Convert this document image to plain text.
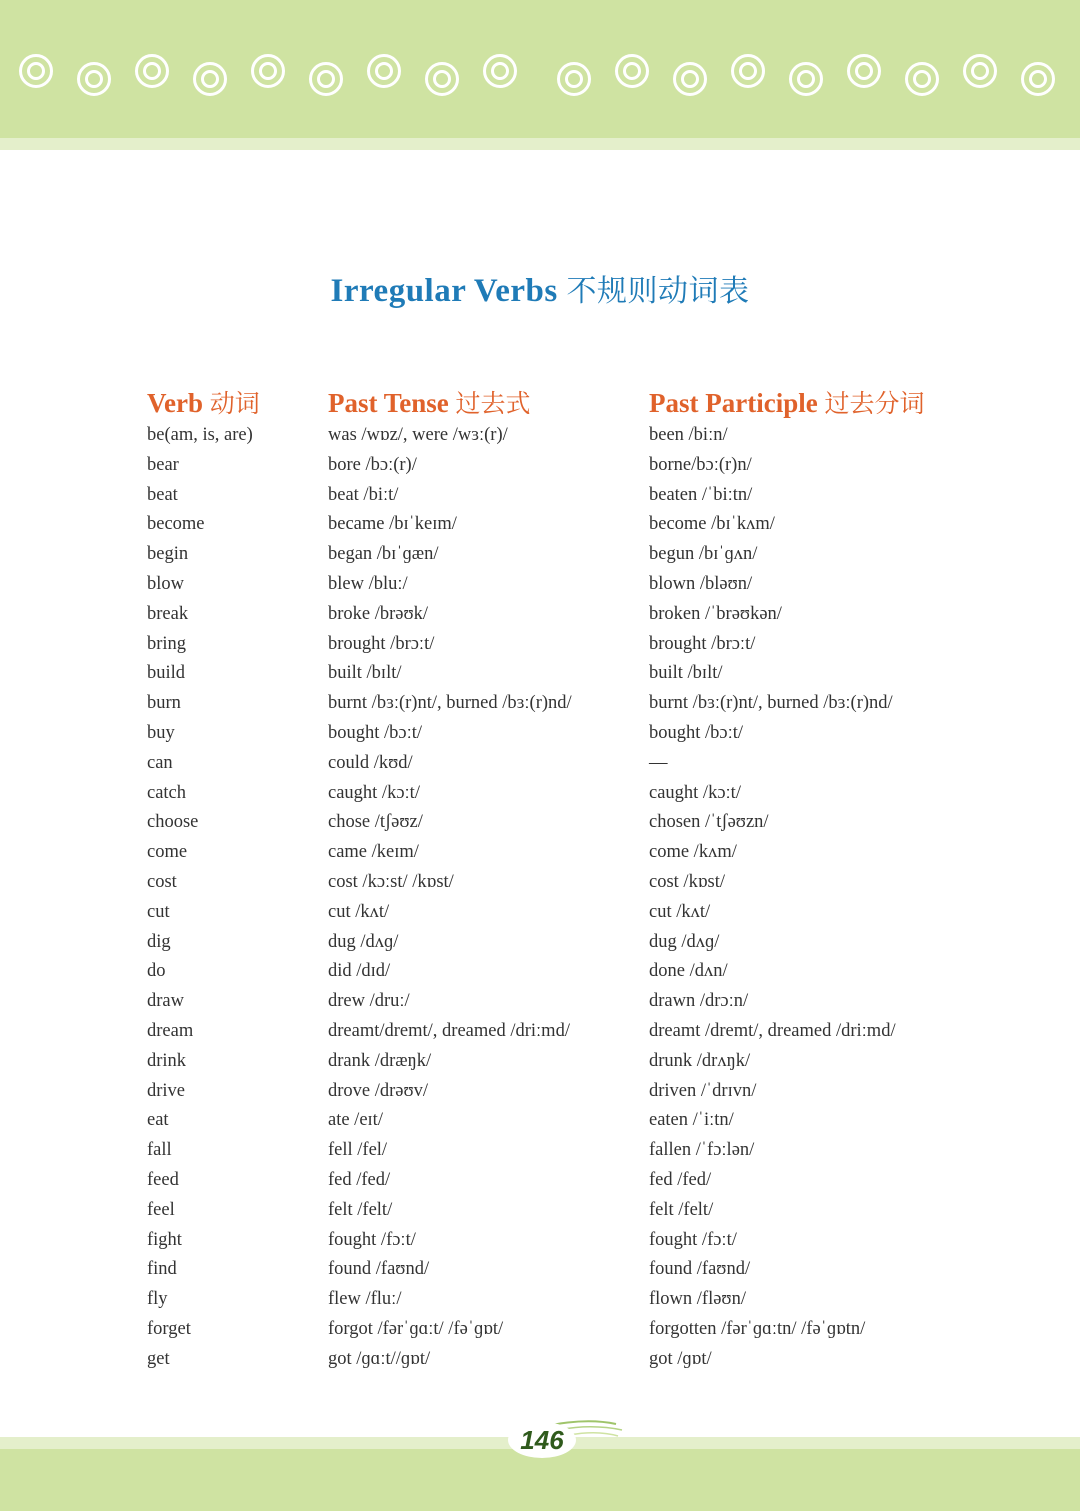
Irregular Verbs 不规则动词表
Verb 动词	Past Tense 过去式	Past Participle 过去分词
be(am, is, are)	was /wɒz/, were /wɜː(r)/	been /biːn/
bear	bore /bɔː(r)/	borne/bɔː(r)n/
beat	beat /biːt/	beaten /ˈbiːtn/
become	became /bɪˈkeɪm/	become /bɪˈkʌm/
begin	began /bɪˈɡæn/	begun /bɪˈɡʌn/
blow	blew /bluː/	blown /bləʊn/
break	broke /brəʊk/	broken /ˈbrəʊkən/
bring	brought /brɔːt/	brought /brɔːt/
build	built /bɪlt/	built /bɪlt/
burn	burnt /bɜː(r)nt/, burned /bɜː(r)nd/	burnt /bɜː(r)nt/, burned /bɜː(r)nd/
buy	bought /bɔːt/	bought /bɔːt/
can	could /kʊd/	—
catch	caught /kɔːt/	caught /kɔːt/
choose	chose /tʃəʊz/	chosen /ˈtʃəʊzn/
come	came /keɪm/	come /kʌm/
cost	cost /kɔːst/ /kɒst/	cost /kɒst/
cut	cut /kʌt/	cut /kʌt/
dig	dug /dʌɡ/	dug /dʌɡ/
do	did /dɪd/	done /dʌn/
draw	drew /druː/	drawn /drɔːn/
dream	dreamt/dremt/, dreamed /driːmd/	dreamt /dremt/, dreamed /driːmd/
drink	drank /dræŋk/	drunk /drʌŋk/
drive	drove /drəʊv/	driven /ˈdrɪvn/
eat	ate /eɪt/	eaten /ˈiːtn/
fall	fell /fel/	fallen /ˈfɔːlən/
feed	fed /fed/	fed /fed/
feel	felt /felt/	felt /felt/
fight	fought /fɔːt/	fought /fɔːt/
find	found /faʊnd/	found /faʊnd/
fly	flew /fluː/	flown /fləʊn/
forget	forgot /fərˈɡɑːt/ /fəˈɡɒt/	forgotten /fərˈɡɑːtn/ /fəˈɡɒtn/
get	got /ɡɑːt//ɡɒt/	got /ɡɒt/
146
